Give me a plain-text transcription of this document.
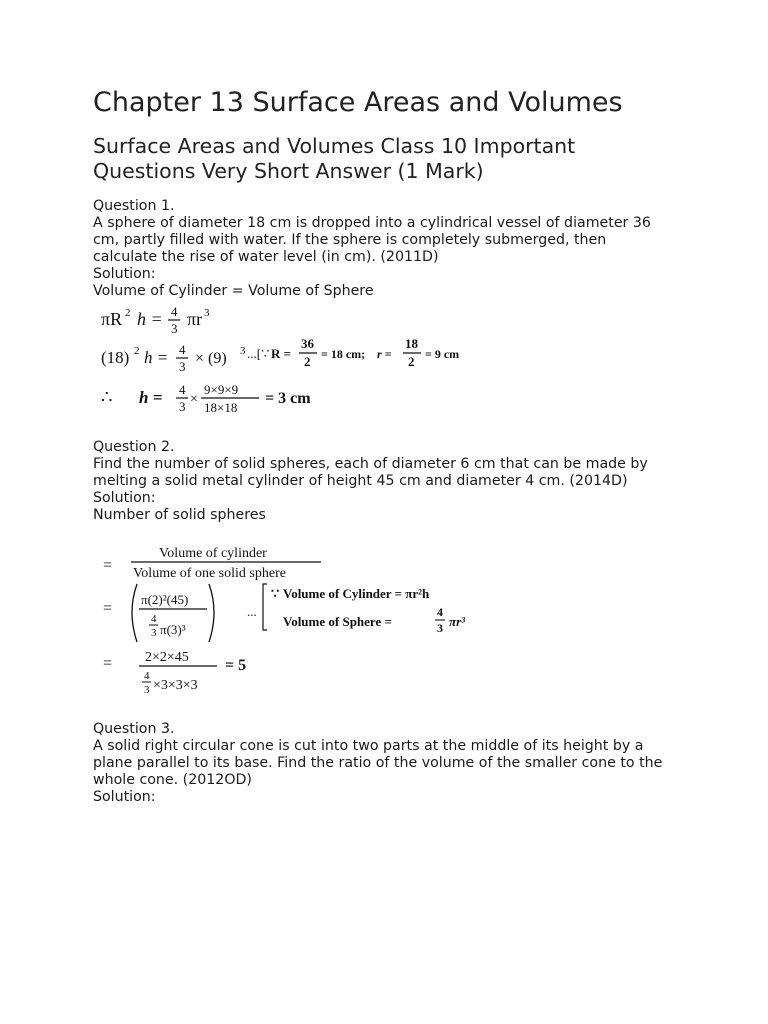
Chapter 13 Surface Areas and Volumes
Surface Areas and Volumes Class 10 Important Questions Very Short Answer (1 Mark)

Question 1.

A sphere of diameter 18 cm is dropped into a cylindrical vessel of diameter 36 cm, partly filled with water. If the sphere is completely submerged, then calculate the rise of water level (in cm). (2011D)

Solution:

Volume of Cylinder = Volume of Sphere

πR 2 h = 4
3 πr 3
(18) 2 h = 4
3 × (9) 3 ...[∵ R =
36
2 = 18 cm; r =
18
2 = 9 cm
∴ h = 4
3 ×
9×9×9
18×18
= 3 cm

Question 2.

Find the number of solid spheres, each of diameter 6 cm that can be made by melting a solid metal cylinder of height 45 cm and diameter 4 cm. (2014D)

Solution:

Number of solid spheres

=
Volume of cylinder
Volume of one solid sphere
=
π(2)²(45)
4
3 π(3)³
...
∵ Volume of Cylinder = πr²h
Volume of Sphere =
4
3 πr³
= 2×2×45
4
3 ×3×3×3
= 5

Question 3.

A solid right circular cone is cut into two parts at the middle of its height by a plane parallel to its base. Find the ratio of the volume of the smaller cone to the whole cone. (2012OD)

Solution:
